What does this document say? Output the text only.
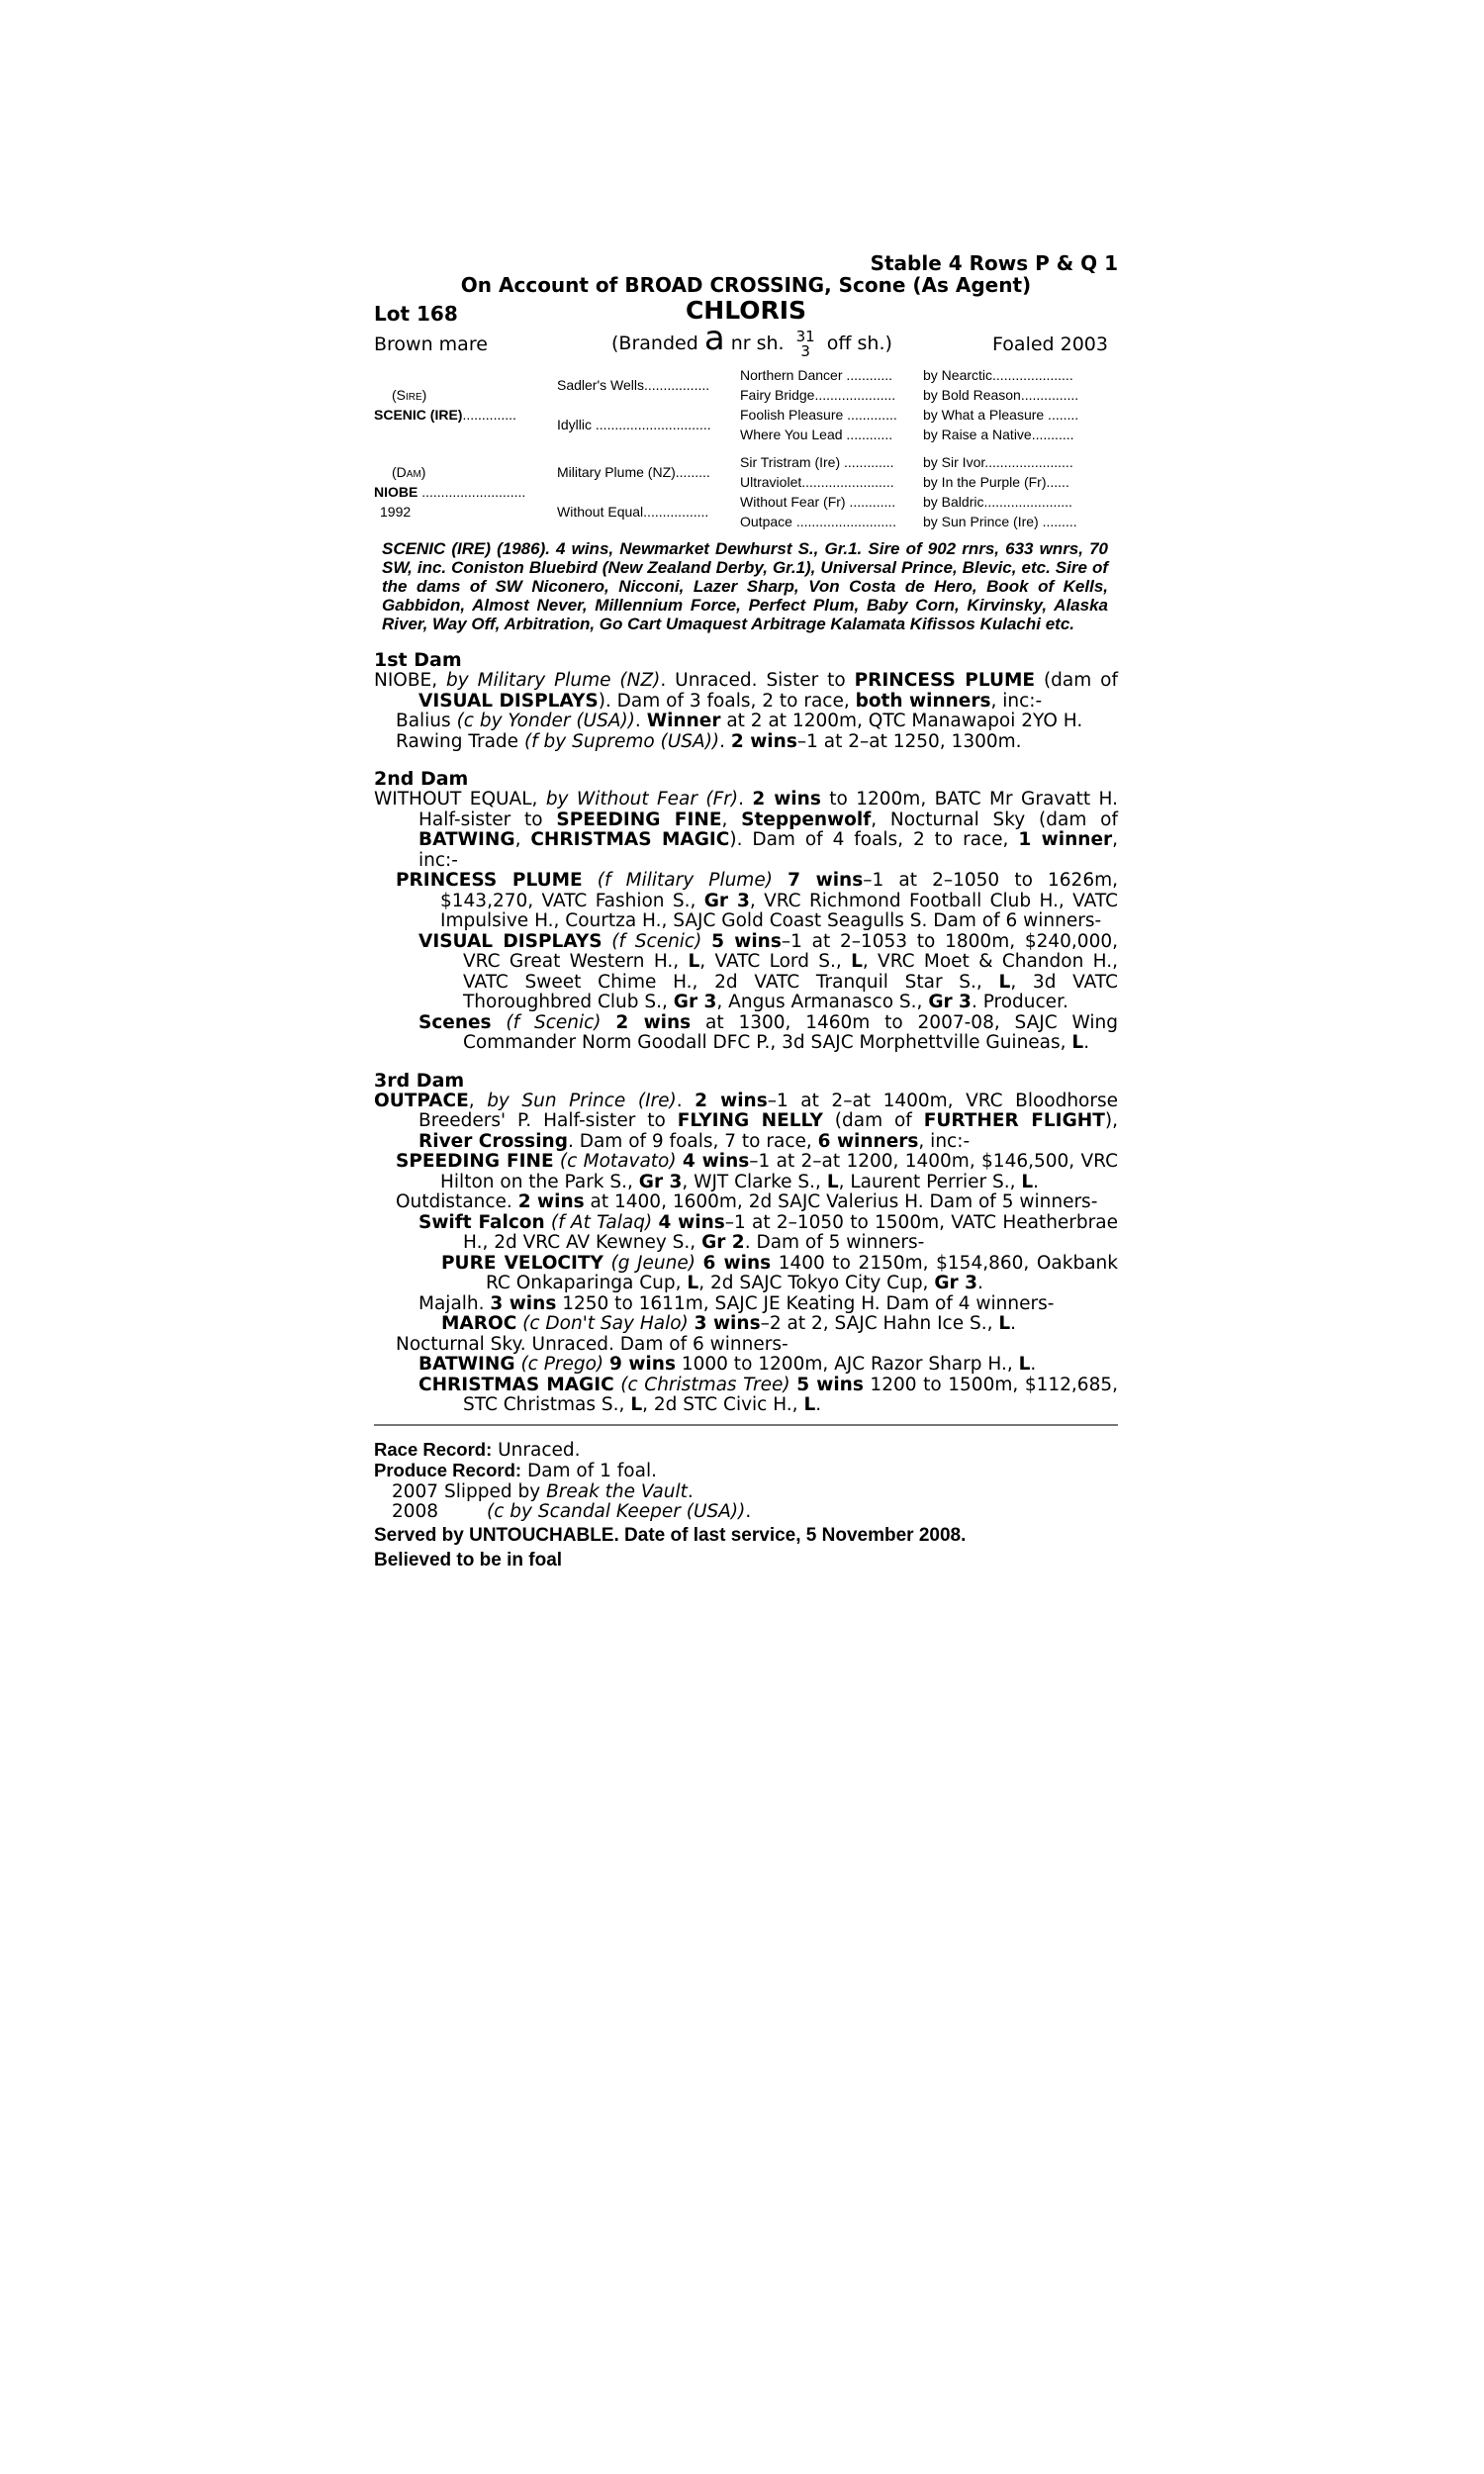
Stable 4 Rows P & Q 1
On Account of BROAD CROSSING, Scone (As Agent)
Lot 168	CHLORIS
Brown mare	(Branded a nr sh. 31
3 off sh.)	Foaled 2003
(Sire)
SCENIC (IRE)..............	Sadler's Wells.................	Northern Dancer ............	by Nearctic.....................
		Fairy Bridge.....................	by Bold Reason...............
	Idyllic ..............................	Foolish Pleasure .............	by What a Pleasure ........
		Where You Lead ............	by Raise a Native...........

(Dam)
NIOBE ...........................
1992	Military Plume (NZ).........	Sir Tristram (Ire) .............	by Sir Ivor.......................
		Ultraviolet........................	by In the Purple (Fr)......
	Without Equal.................	Without Fear (Fr) ............	by Baldric.......................
		Outpace ..........................	by Sun Prince (Ire) .........
SCENIC (IRE) (1986). 4 wins, Newmarket Dewhurst S., Gr.1. Sire of 902 rnrs, 633 wnrs, 70 SW, inc. Coniston Bluebird (New Zealand Derby, Gr.1), Universal Prince, Blevic, etc. Sire of the dams of SW Niconero, Nicconi, Lazer Sharp, Von Costa de Hero, Book of Kells, Gabbidon, Almost Never, Millennium Force, Perfect Plum, Baby Corn, Kirvinsky, Alaska River, Way Off, Arbitration, Go Cart Umaquest Arbitrage Kalamata Kifissos Kulachi etc.
1st Dam
NIOBE, by Military Plume (NZ). Unraced. Sister to PRINCESS PLUME (dam of VISUAL DISPLAYS). Dam of 3 foals, 2 to race, both winners, inc:-
Balius (c by Yonder (USA)). Winner at 2 at 1200m, QTC Manawapoi 2YO H.
Rawing Trade (f by Supremo (USA)). 2 wins–1 at 2–at 1250, 1300m.
2nd Dam
WITHOUT EQUAL, by Without Fear (Fr). 2 wins to 1200m, BATC Mr Gravatt H. Half-sister to SPEEDING FINE, Steppenwolf, Nocturnal Sky (dam of BATWING, CHRISTMAS MAGIC). Dam of 4 foals, 2 to race, 1 winner, inc:-
PRINCESS PLUME (f Military Plume) 7 wins–1 at 2–1050 to 1626m, $143,270, VATC Fashion S., Gr 3, VRC Richmond Football Club H., VATC Impulsive H., Courtza H., SAJC Gold Coast Seagulls S. Dam of 6 winners-
VISUAL DISPLAYS (f Scenic) 5 wins–1 at 2–1053 to 1800m, $240,000, VRC Great Western H., L, VATC Lord S., L, VRC Moet & Chandon H., VATC Sweet Chime H., 2d VATC Tranquil Star S., L, 3d VATC Thoroughbred Club S., Gr 3, Angus Armanasco S., Gr 3. Producer.
Scenes (f Scenic) 2 wins at 1300, 1460m to 2007-08, SAJC Wing Commander Norm Goodall DFC P., 3d SAJC Morphettville Guineas, L.
3rd Dam
OUTPACE, by Sun Prince (Ire). 2 wins–1 at 2–at 1400m, VRC Bloodhorse Breeders' P. Half-sister to FLYING NELLY (dam of FURTHER FLIGHT), River Crossing. Dam of 9 foals, 7 to race, 6 winners, inc:-
SPEEDING FINE (c Motavato) 4 wins–1 at 2–at 1200, 1400m, $146,500, VRC Hilton on the Park S., Gr 3, WJT Clarke S., L, Laurent Perrier S., L.
Outdistance. 2 wins at 1400, 1600m, 2d SAJC Valerius H. Dam of 5 winners-
Swift Falcon (f At Talaq) 4 wins–1 at 2–1050 to 1500m, VATC Heatherbrae H., 2d VRC AV Kewney S., Gr 2. Dam of 5 winners-
PURE VELOCITY (g Jeune) 6 wins 1400 to 2150m, $154,860, Oakbank RC Onkaparinga Cup, L, 2d SAJC Tokyo City Cup, Gr 3.
Majalh. 3 wins 1250 to 1611m, SAJC JE Keating H. Dam of 4 winners-
MAROC (c Don't Say Halo) 3 wins–2 at 2, SAJC Hahn Ice S., L.
Nocturnal Sky. Unraced. Dam of 6 winners-
BATWING (c Prego) 9 wins 1000 to 1200m, AJC Razor Sharp H., L.
CHRISTMAS MAGIC (c Christmas Tree) 5 wins 1200 to 1500m, $112,685, STC Christmas S., L, 2d STC Civic H., L.
Race Record: Unraced.
Produce Record: Dam of 1 foal.
2007 Slipped by Break the Vault.
2008	(c by Scandal Keeper (USA)).
Served by UNTOUCHABLE. Date of last service, 5 November 2008.
Believed to be in foal
